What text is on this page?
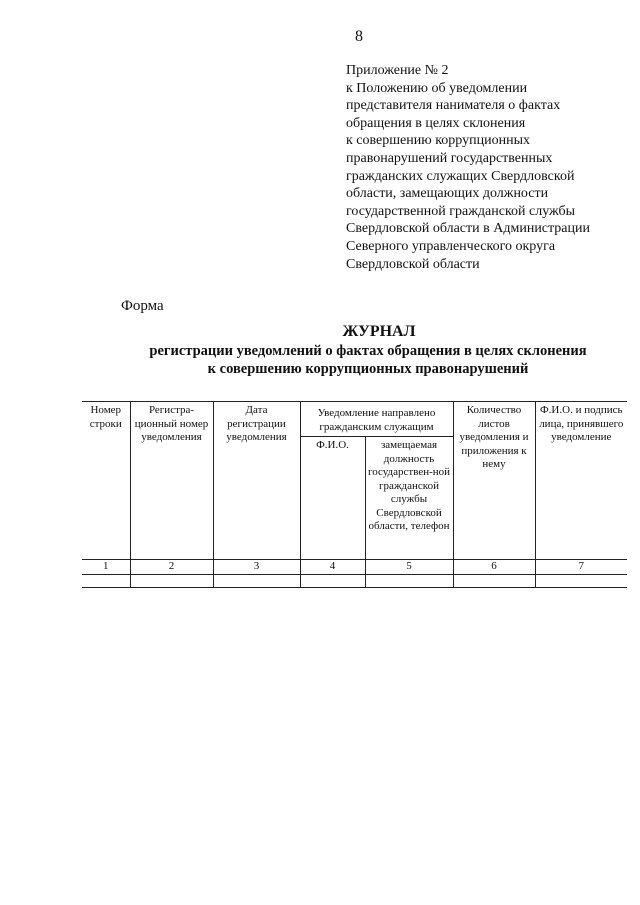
8
Приложение № 2
к Положению об уведомлении
представителя нанимателя о фактах
обращения в целях склонения
к совершению коррупционных
правонарушений государственных
гражданских служащих Свердловской
области, замещающих должности
государственной гражданской службы
Свердловской области в Администрации
Северного управленческого округа
Свердловской области
Форма
ЖУРНАЛ
регистрации уведомлений о фактах обращения в целях склонения
к совершению коррупционных правонарушений
Номер строки	Регистра-ционный номер уведомления	Дата регистрации уведомления	Уведомление направлено гражданским служащим		Количество листов уведомления и приложения к нему	Ф.И.О. и подпись лица, принявшего уведомление
			Ф.И.О.	замещаемая должность государствен-ной гражданской службы Свердловской области, телефон		
1	2	3	4	5	6	7
